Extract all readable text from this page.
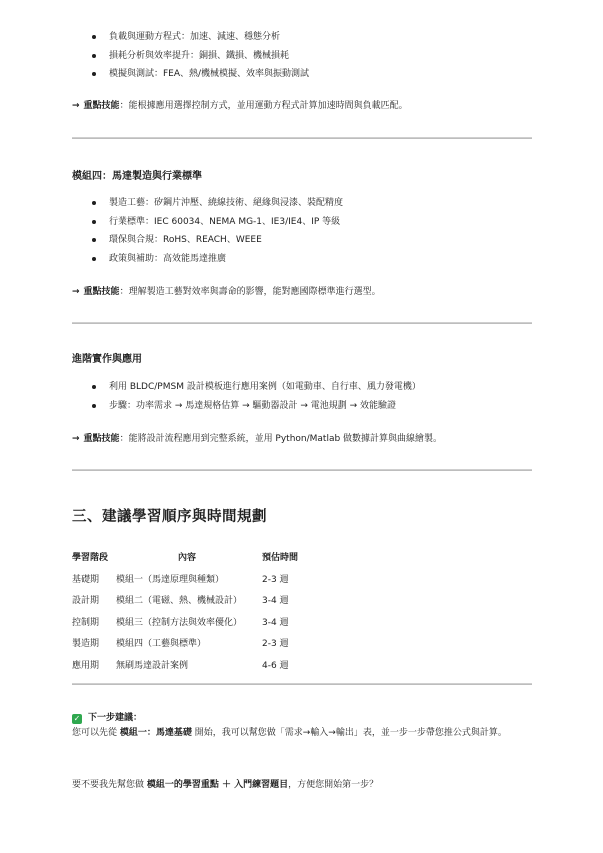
負載與運動方程式：加速、減速、穩態分析
損耗分析與效率提升：銅損、鐵損、機械損耗
模擬與測試：FEA、熱/機械模擬、效率與振動測試
→ 重點技能：能根據應用選擇控制方式，並用運動方程式計算加速時間與負載匹配。
模組四：馬達製造與行業標準
製造工藝：矽鋼片沖壓、繞線技術、絕緣與浸漆、裝配精度
行業標準：IEC 60034、NEMA MG-1、IE3/IE4、IP 等級
環保與合規：RoHS、REACH、WEEE
政策與補助：高效能馬達推廣
→ 重點技能：理解製造工藝對效率與壽命的影響，能對應國際標準進行選型。
進階實作與應用
利用 BLDC/PMSM 設計模板進行應用案例（如電動車、自行車、風力發電機）
步驟：功率需求 → 馬達規格估算 → 驅動器設計 → 電池規劃 → 效能驗證
→ 重點技能：能將設計流程應用到完整系統，並用 Python/Matlab 做數據計算與曲線繪製。
三、建議學習順序與時間規劃
學習階段	內容	預估時間
基礎期	模組一（馬達原理與種類）	2-3 週
設計期	模組二（電磁、熱、機械設計）	3-4 週
控制期	模組三（控制方法與效率優化）	3-4 週
製造期	模組四（工藝與標準）	2-3 週
應用期	無刷馬達設計案例	4-6 週
✓ 下一步建議：
您可以先從 模組一：馬達基礎 開始，我可以幫您做「需求→輸入→輸出」表，並一步一步帶您推公式與計算。
要不要我先幫您做 模組一的學習重點 ＋ 入門練習題目，方便您開始第一步？
